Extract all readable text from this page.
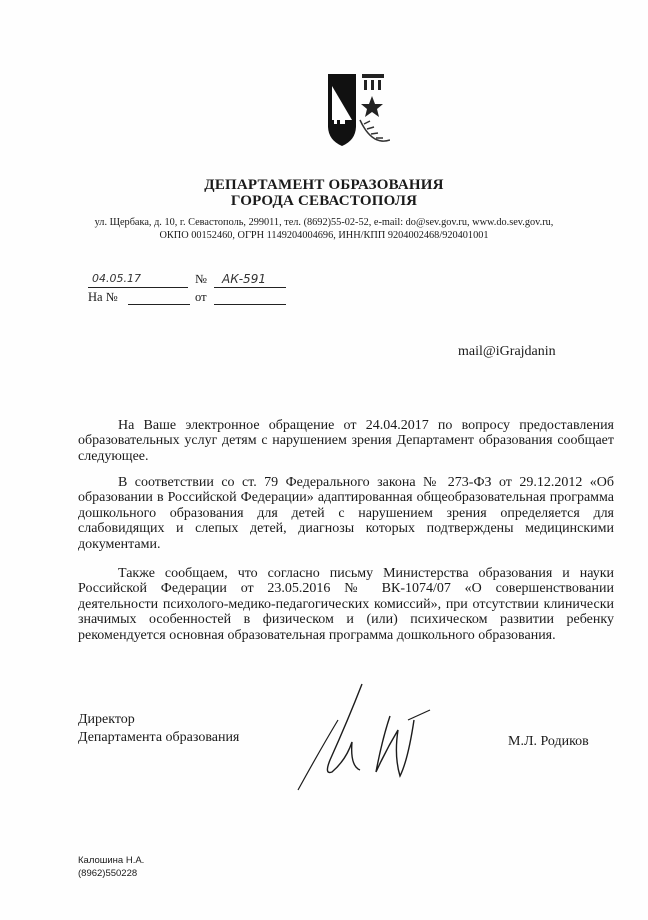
ДЕПАРТАМЕНТ ОБРАЗОВАНИЯ
ГОРОДА СЕВАСТОПОЛЯ
ул. Щербака, д. 10, г. Севастополь, 299011, тел. (8692)55-02-52, e-mail: do@sev.gov.ru, www.do.sev.gov.ru,
ОКПО 00152460, ОГРН 1149204004696, ИНН/КПП 9204002468/920401001
04.05.17	№ АК-591
На №	от
mail@iGrajdanin
На Ваше электронное обращение от 24.04.2017 по вопросу предоставления образовательных услуг детям с нарушением зрения Департамент образования сообщает следующее.
В соответствии со ст. 79 Федерального закона № 273-ФЗ от 29.12.2012 «Об образовании в Российской Федерации» адаптированная общеобразовательная программа дошкольного образования для детей с нарушением зрения определяется для слабовидящих и слепых детей, диагнозы которых подтверждены медицинскими документами.
Также сообщаем, что согласно письму Министерства образования и науки Российской Федерации от 23.05.2016 № ВК-1074/07 «О совершенствовании деятельности психолого-медико-педагогических комиссий», при отсутствии клинически значимых особенностей в физическом и (или) психическом развитии ребенку рекомендуется основная образовательная программа дошкольного образования.
Директор
Департамента образования	М.Л. Родиков
Калошина Н.А.
(8962)550228
